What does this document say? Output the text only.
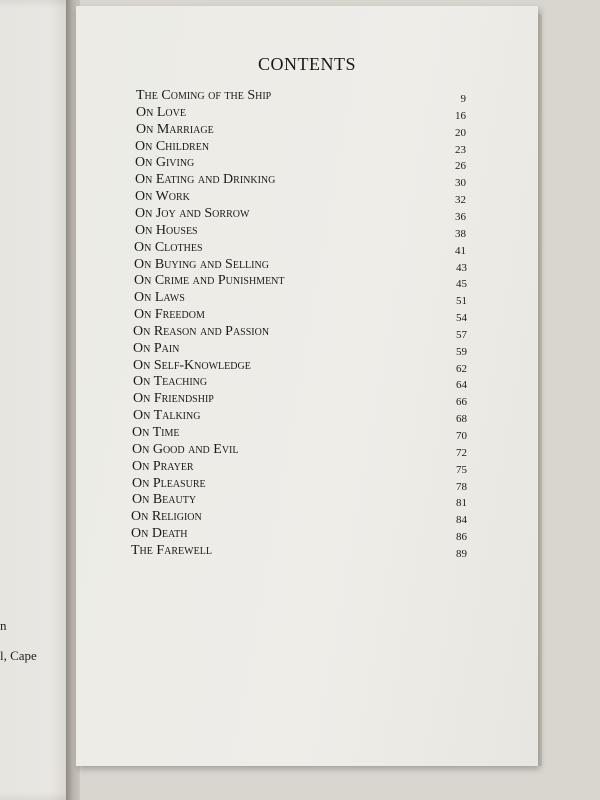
n
l, Cape
CONTENTS
The Coming of the Ship	9
On Love	16
On Marriage	20
On Children	23
On Giving	26
On Eating and Drinking	30
On Work	32
On Joy and Sorrow	36
On Houses	38
On Clothes	41
On Buying and Selling	43
On Crime and Punishment	45
On Laws	51
On Freedom	54
On Reason and Passion	57
On Pain	59
On Self-Knowledge	62
On Teaching	64
On Friendship	66
On Talking	68
On Time	70
On Good and Evil	72
On Prayer	75
On Pleasure	78
On Beauty	81
On Religion	84
On Death	86
The Farewell	89
